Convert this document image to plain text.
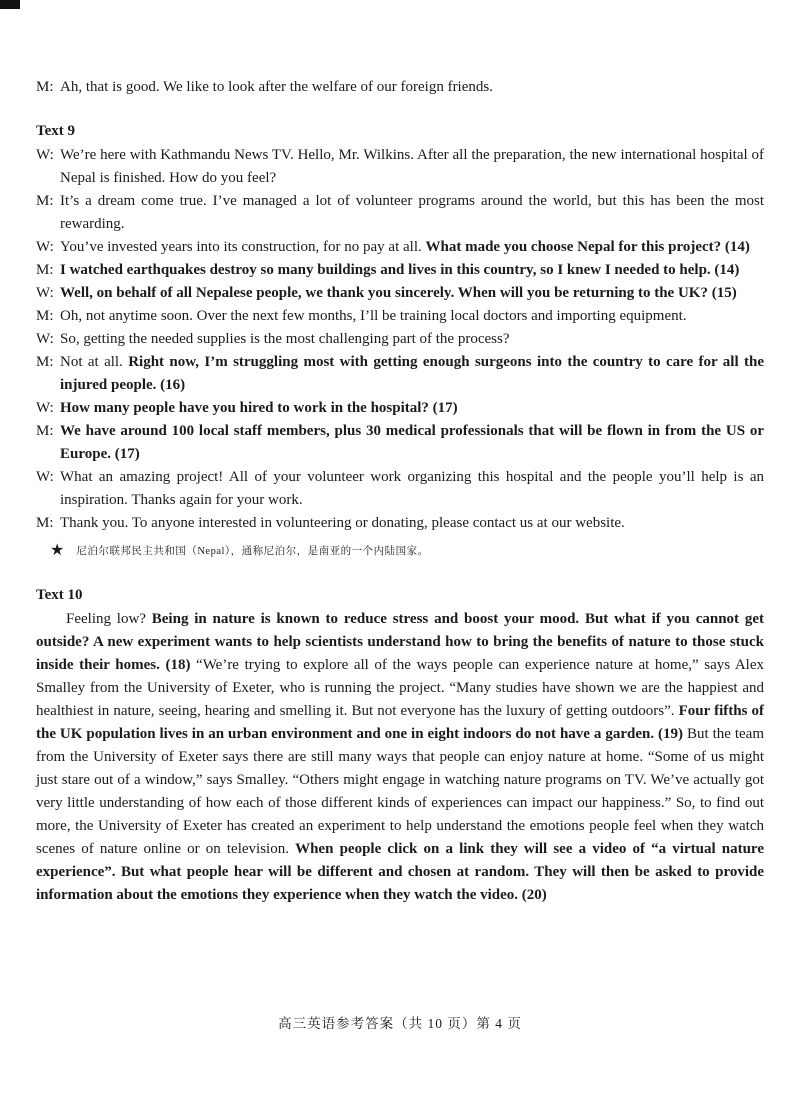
M: Ah, that is good. We like to look after the welfare of our foreign friends.

Text 9

W: We’re here with Kathmandu News TV. Hello, Mr. Wilkins. After all the preparation, the new international hospital of Nepal is finished. How do you feel?

M: It’s a dream come true. I’ve managed a lot of volunteer programs around the world, but this has been the most rewarding.

W: You’ve invested years into its construction, for no pay at all. What made you choose Nepal for this project? (14)

M: I watched earthquakes destroy so many buildings and lives in this country, so I knew I needed to help. (14)

W: Well, on behalf of all Nepalese people, we thank you sincerely. When will you be returning to the UK? (15)

M: Oh, not anytime soon. Over the next few months, I’ll be training local doctors and importing equipment.

W: So, getting the needed supplies is the most challenging part of the process?

M: Not at all. Right now, I’m struggling most with getting enough surgeons into the country to care for all the injured people. (16)

W: How many people have you hired to work in the hospital? (17)

M: We have around 100 local staff members, plus 30 medical professionals that will be flown in from the US or Europe. (17)

W: What an amazing project! All of your volunteer work organizing this hospital and the people you’ll help is an inspiration. Thanks again for your work.

M: Thank you. To anyone interested in volunteering or donating, please contact us at our website.

★ 尼泊尔联邦民主共和国（Nepal），通称尼泊尔，是南亚的一个内陆国家。

Text 10

Feeling low? Being in nature is known to reduce stress and boost your mood. But what if you cannot get outside? A new experiment wants to help scientists understand how to bring the benefits of nature to those stuck inside their homes. (18) “We’re trying to explore all of the ways people can experience nature at home,” says Alex Smalley from the University of Exeter, who is running the project. “Many studies have shown we are the happiest and healthiest in nature, seeing, hearing and smelling it. But not everyone has the luxury of getting outdoors”. Four fifths of the UK population lives in an urban environment and one in eight indoors do not have a garden. (19) But the team from the University of Exeter says there are still many ways that people can enjoy nature at home. “Some of us might just stare out of a window,” says Smalley. “Others might engage in watching nature programs on TV. We’ve actually got very little understanding of how each of those different kinds of experiences can impact our happiness.” So, to find out more, the University of Exeter has created an experiment to help understand the emotions people feel when they watch scenes of nature online or on television. When people click on a link they will see a video of “a virtual nature experience”. But what people hear will be different and chosen at random. They will then be asked to provide information about the emotions they experience when they watch the video. (20)

高三英语参考答案（共 10 页）第 4 页
